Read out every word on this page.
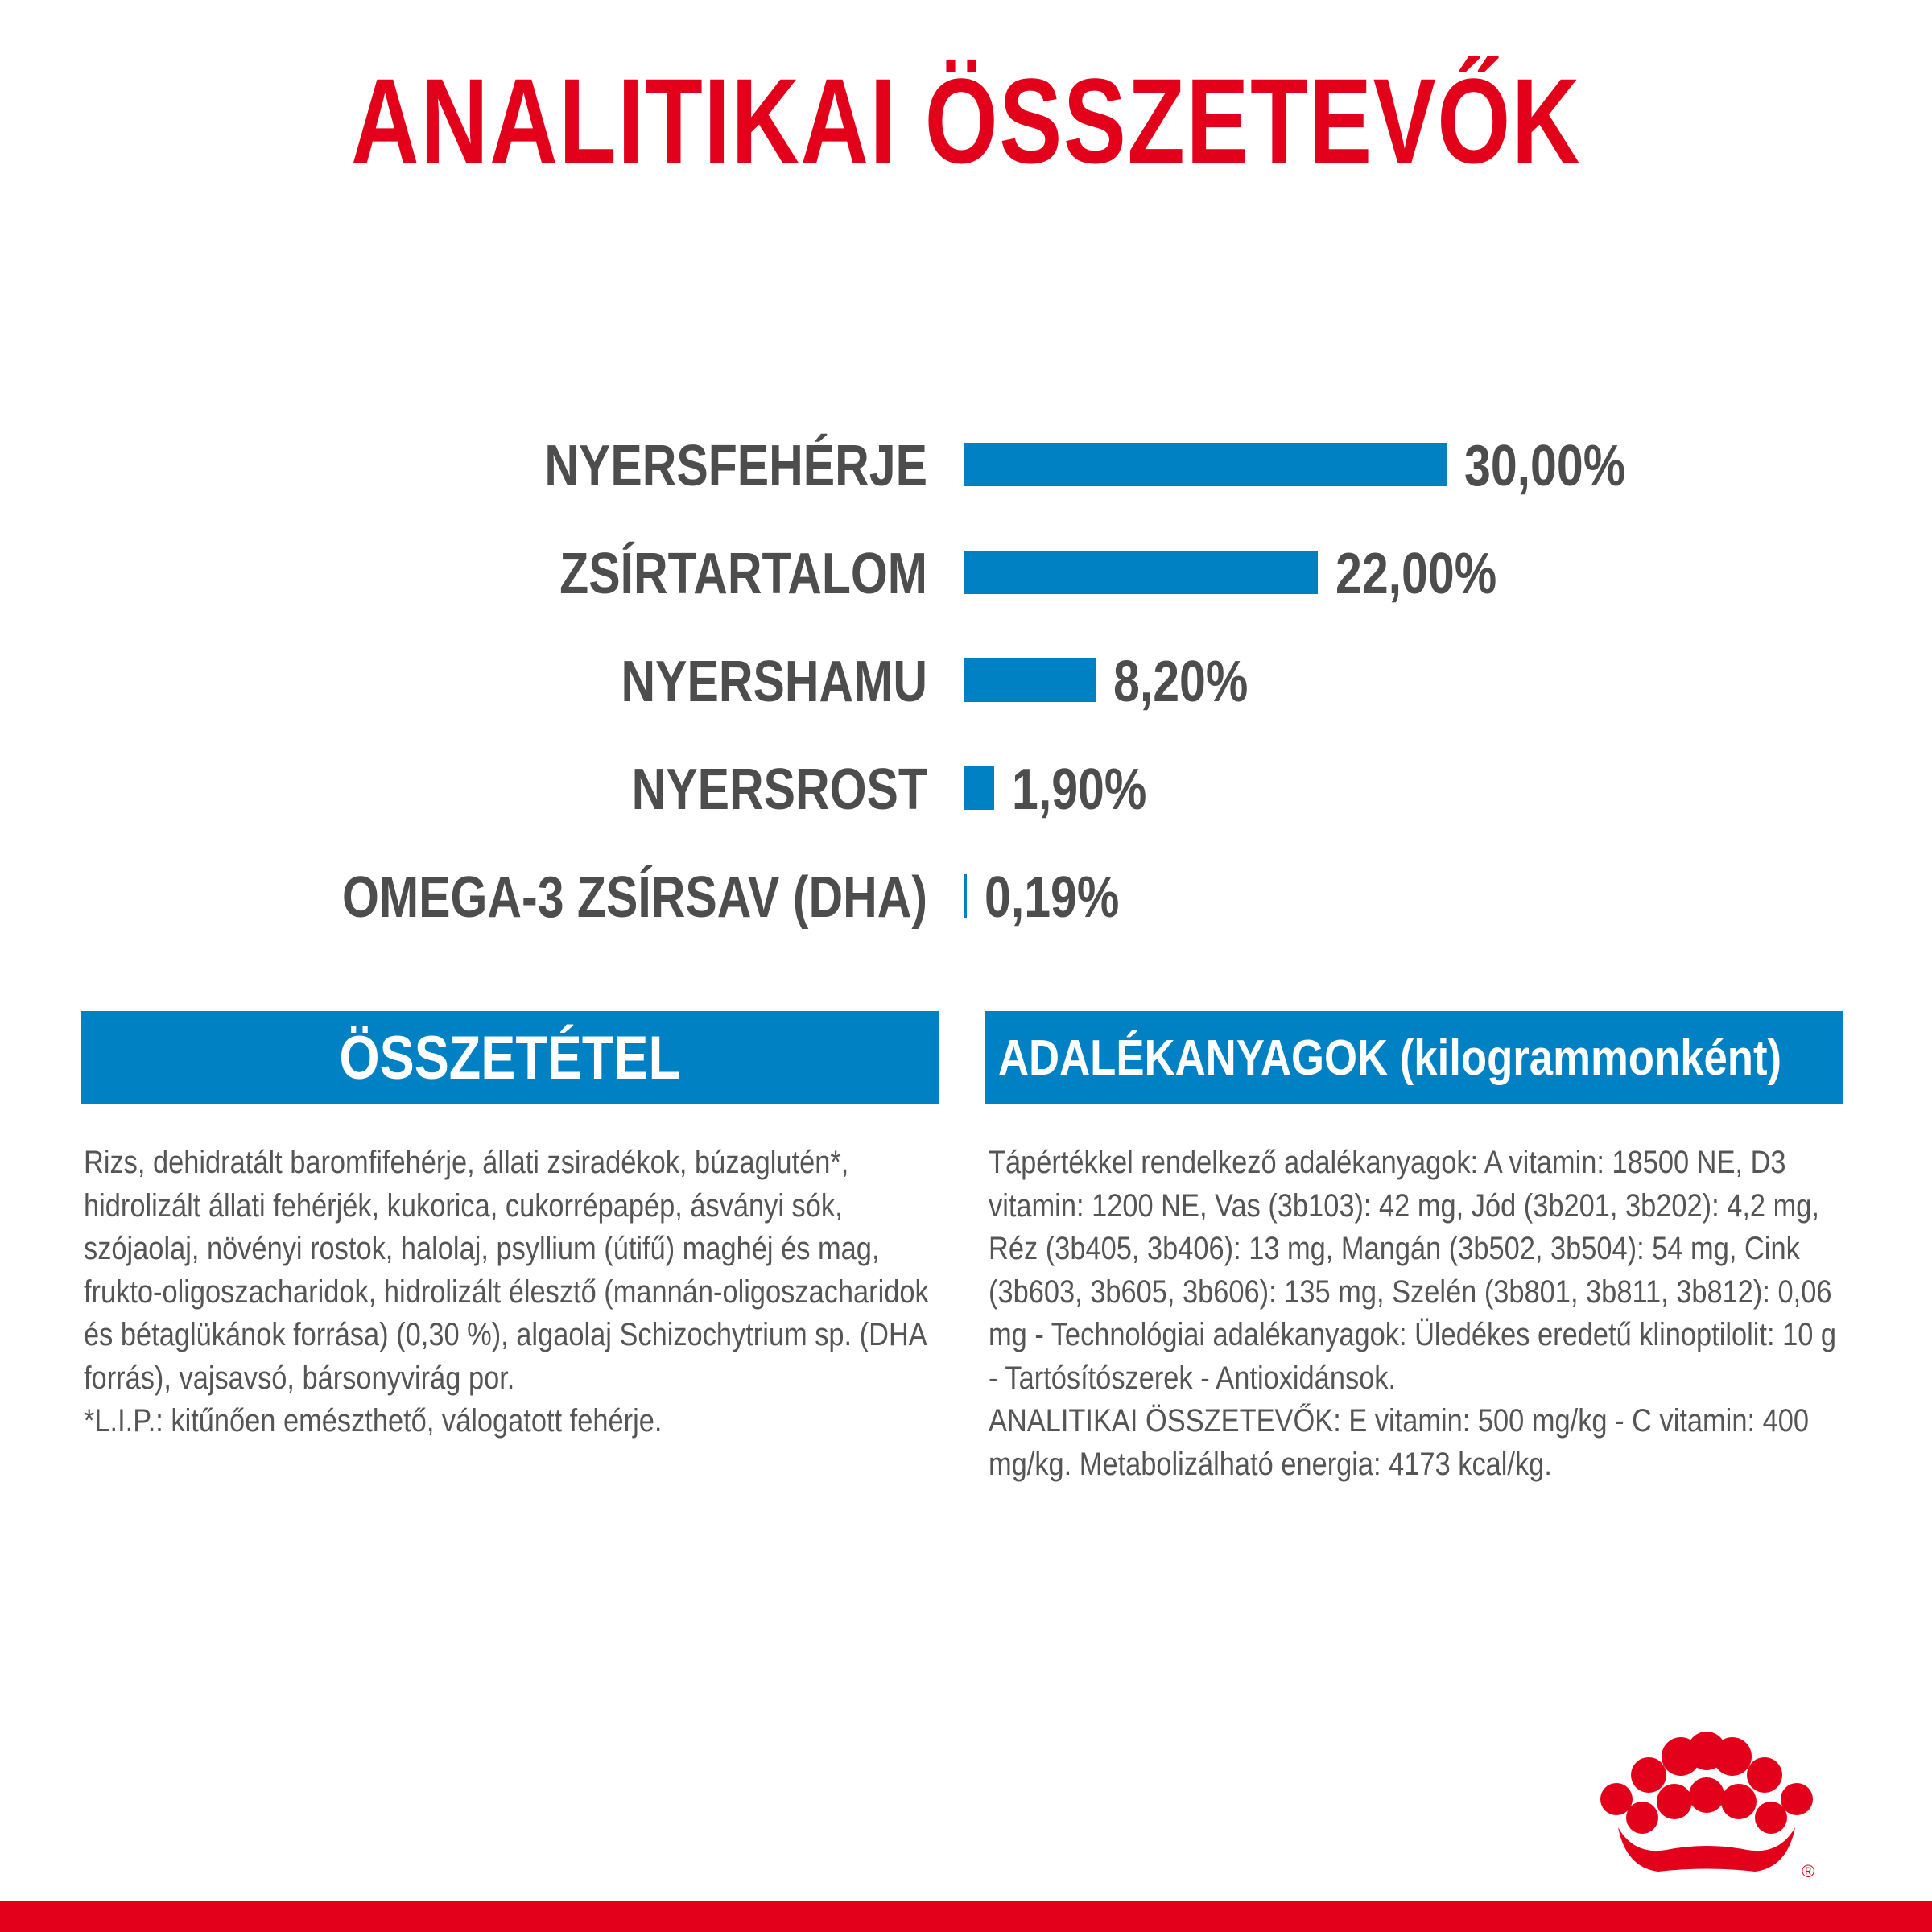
ANALITIKAI ÖSSZETEVŐK
NYERSFEHÉRJE	30,00%
ZSÍRTARTALOM	22,00%
NYERSHAMU	8,20%
NYERSROST 1,90%
OMEGA-3 ZSÍRSAV (DHA) 0,19%
ÖSSZETÉTEL	ADALÉKANYAGOK (kilogrammonként)
Rizs, dehidratált baromfifehérje, állati zsiradékok, búzaglutén*, hidrolizált állati fehérjék, kukorica, cukorrépapép, ásványi sók, szójaolaj, növényi rostok, halolaj, psyllium (útifű) maghéj és mag, frukto-oligoszacharidok, hidrolizált élesztő (mannán-oligoszacharidok és bétaglükánok forrása) (0,30 %), algaolaj Schizochytrium sp. (DHA forrás), vajsavsó, bársonyvirág por.
*L.I.P.: kitűnően emészthető, válogatott fehérje.
Tápértékkel rendelkező adalékanyagok: A vitamin: 18500 NE, D3 vitamin: 1200 NE, Vas (3b103): 42 mg, Jód (3b201, 3b202): 4,2 mg, Réz (3b405, 3b406): 13 mg, Mangán (3b502, 3b504): 54 mg, Cink (3b603, 3b605, 3b606): 135 mg, Szelén (3b801, 3b811, 3b812): 0,06 mg - Technológiai adalékanyagok: Üledékes eredetű klinoptilolit: 10 g - Tartósítószerek - Antioxidánsok.
ANALITIKAI ÖSSZETEVŐK: E vitamin: 500 mg/kg - C vitamin: 400 mg/kg. Metabolizálható energia: 4173 kcal/kg.
®
